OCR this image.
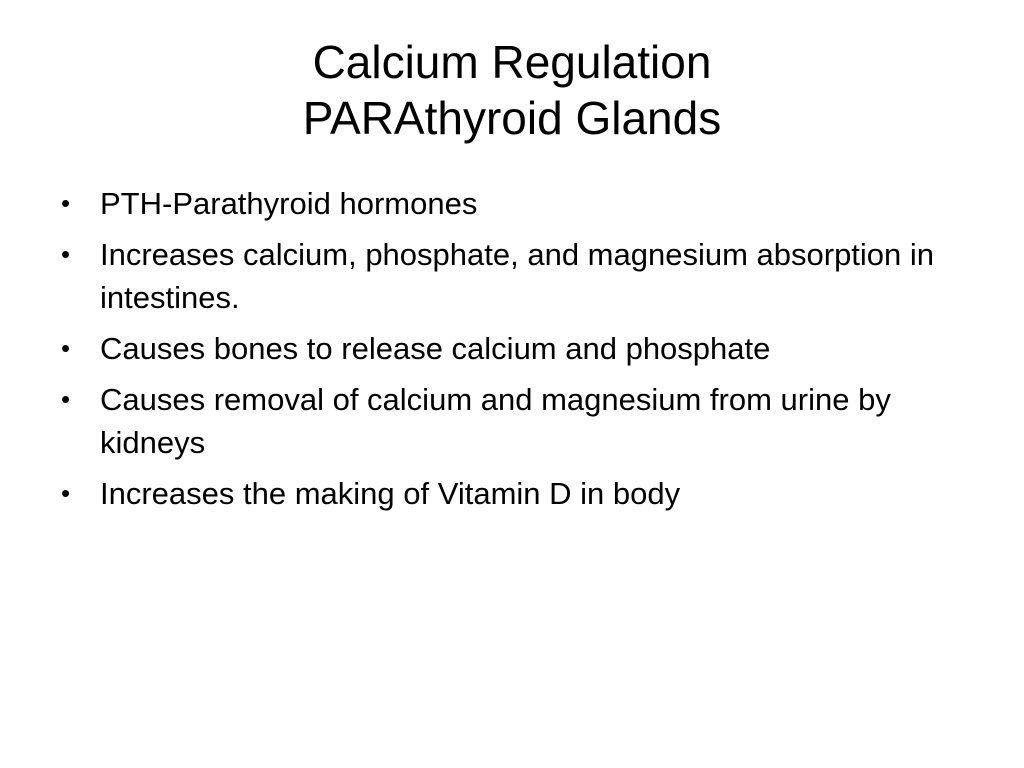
Calcium Regulation
PARAthyroid Glands
• PTH-Parathyroid hormones
• Increases calcium, phosphate, and magnesium absorption in intestines.
• Causes bones to release calcium and phosphate
• Causes removal of calcium and magnesium from urine by kidneys
• Increases the making of Vitamin D in body
